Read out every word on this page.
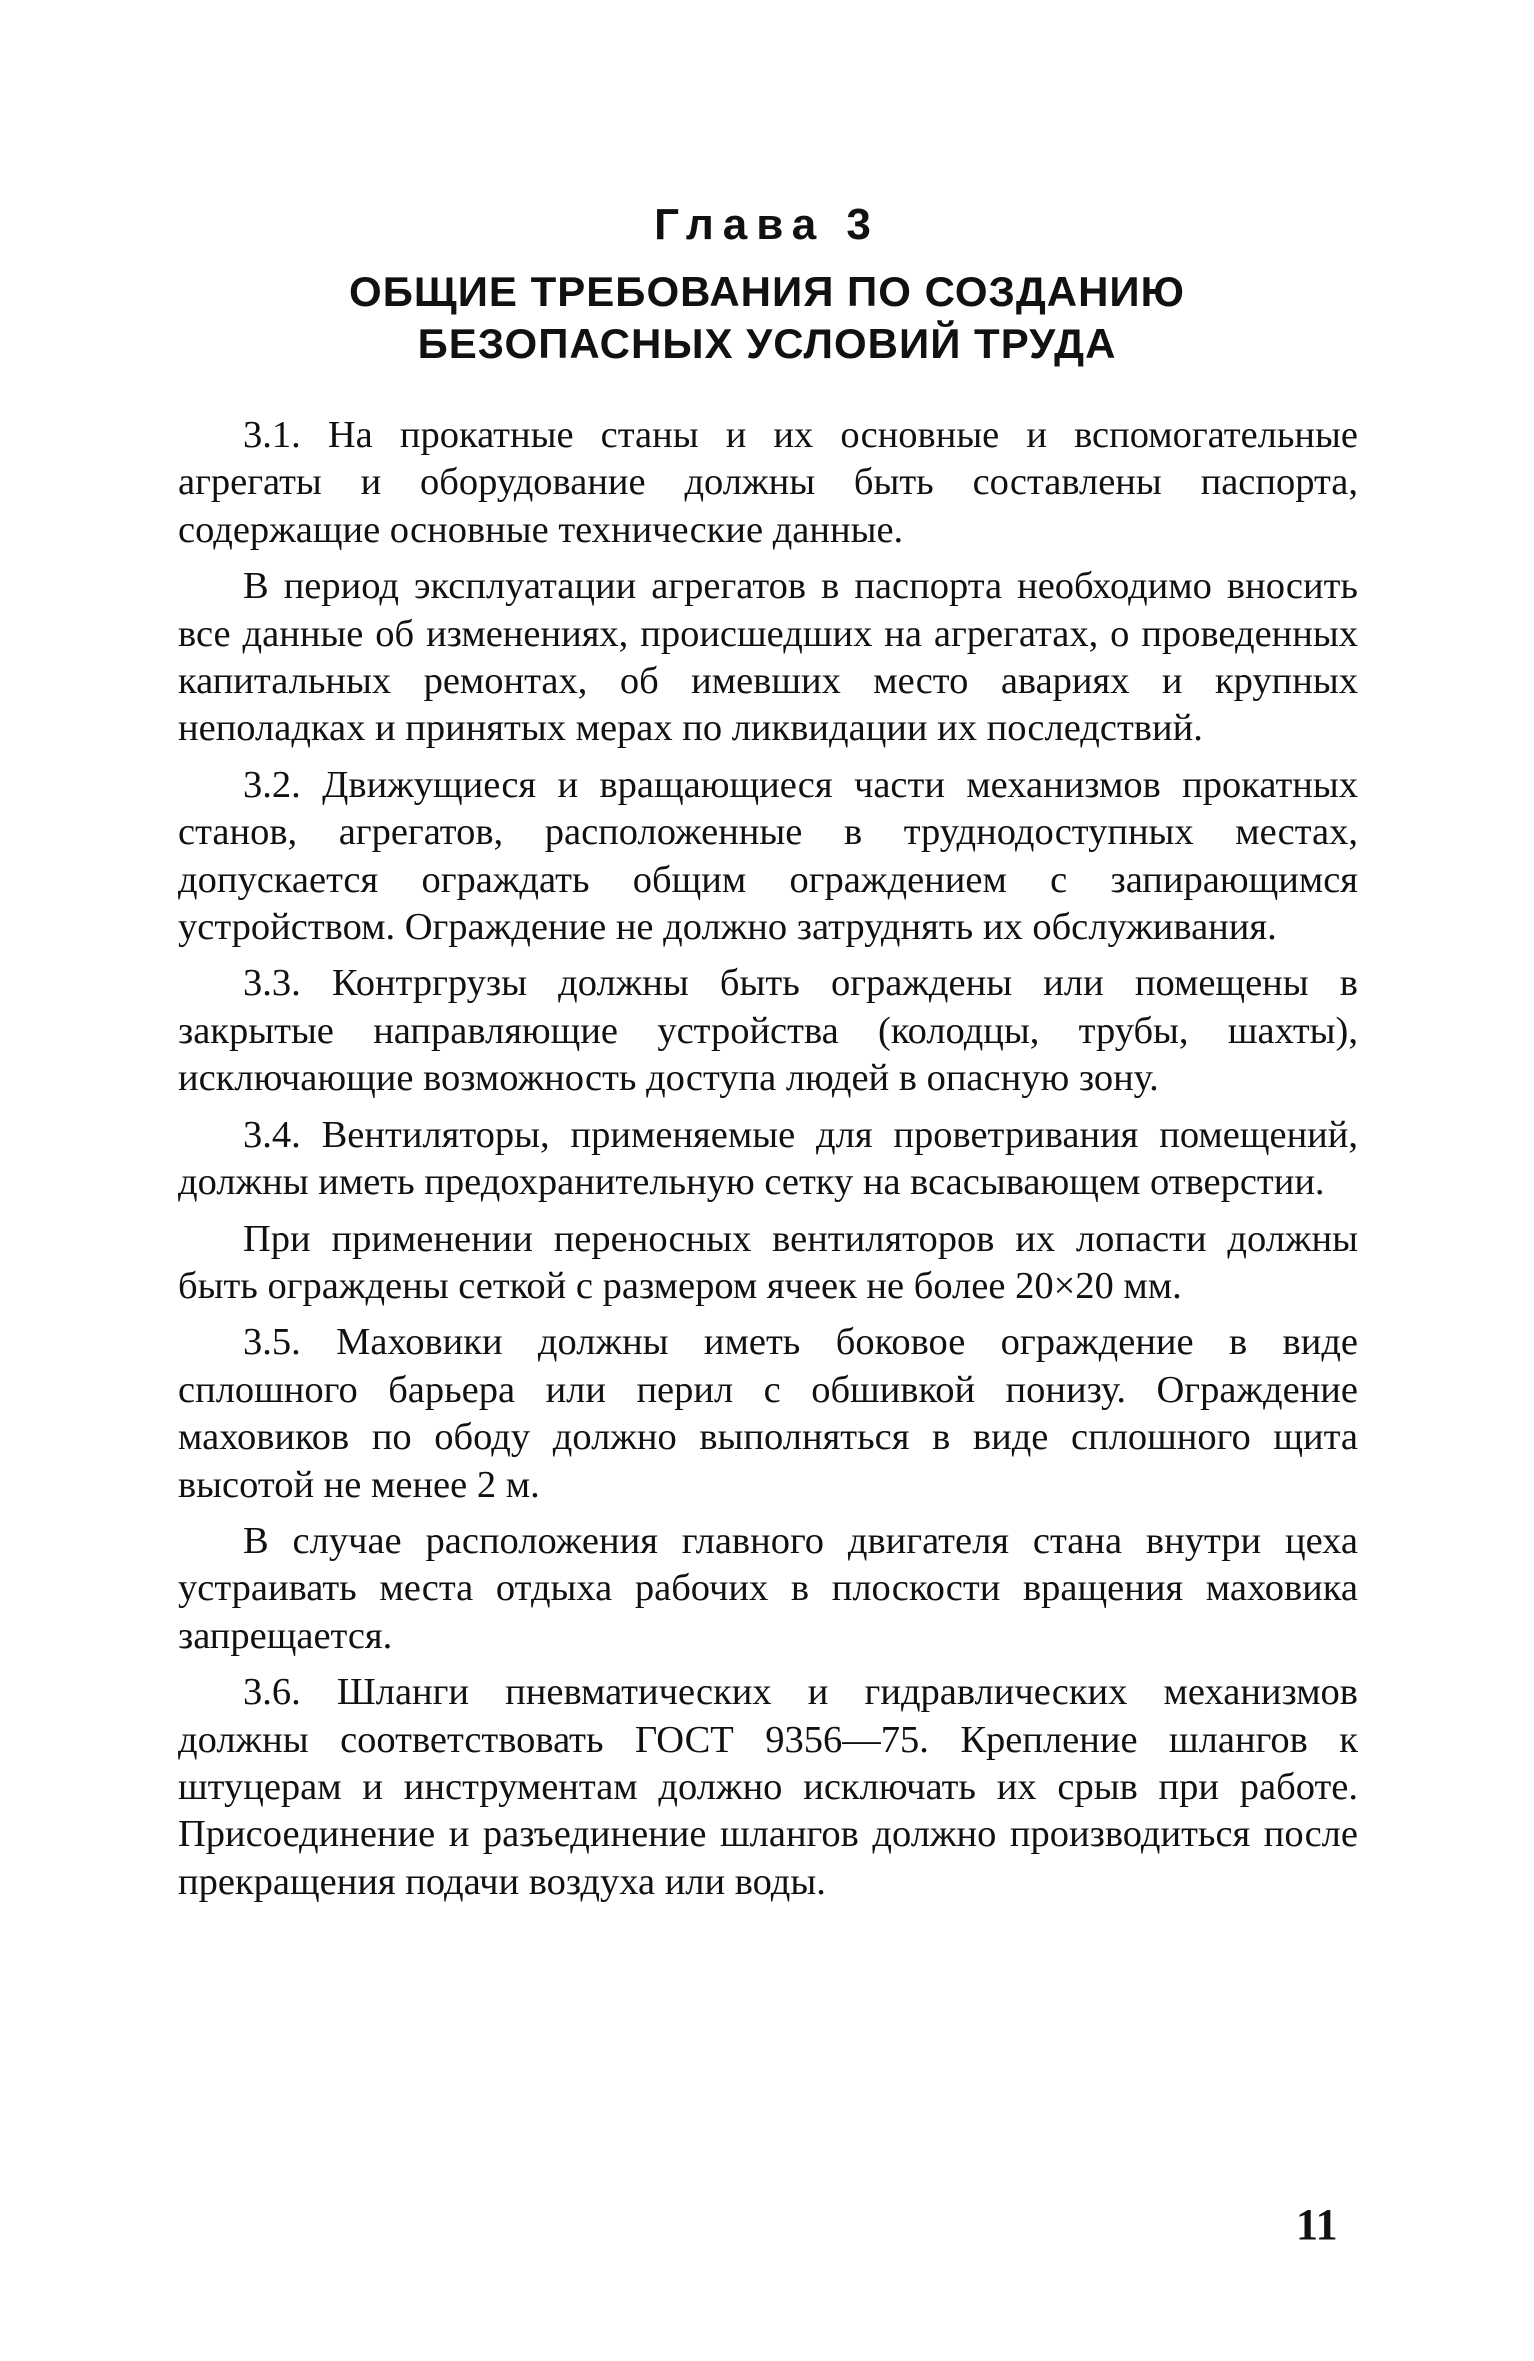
Глава 3
ОБЩИЕ ТРЕБОВАНИЯ ПО СОЗДАНИЮ
БЕЗОПАСНЫХ УСЛОВИЙ ТРУДА

3.1. На прокатные станы и их основные и вспомогательные агрегаты и оборудование должны быть составлены паспорта, содержащие основные технические данные.

В период эксплуатации агрегатов в паспорта необходимо вносить все данные об изменениях, происшедших на агрегатах, о проведенных капитальных ремонтах, об имевших место авариях и крупных неполадках и принятых мерах по ликвидации их последствий.

3.2. Движущиеся и вращающиеся части механизмов прокатных станов, агрегатов, расположенные в труднодоступных местах, допускается ограждать общим ограждением с запирающимся устройством. Ограждение не должно затруднять их обслуживания.

3.3. Контргрузы должны быть ограждены или помещены в закрытые направляющие устройства (колодцы, трубы, шахты), исключающие возможность доступа людей в опасную зону.

3.4. Вентиляторы, применяемые для проветривания помещений, должны иметь предохранительную сетку на всасывающем отверстии.

При применении переносных вентиляторов их лопасти должны быть ограждены сеткой с размером ячеек не более 20×20 мм.

3.5. Маховики должны иметь боковое ограждение в виде сплошного барьера или перил с обшивкой понизу. Ограждение маховиков по ободу должно выполняться в виде сплошного щита высотой не менее 2 м.

В случае расположения главного двигателя стана внутри цеха устраивать места отдыха рабочих в плоскости вращения маховика запрещается.

3.6. Шланги пневматических и гидравлических механизмов должны соответствовать ГОСТ 9356—75. Крепление шлангов к штуцерам и инструментам должно исключать их срыв при работе. Присоединение и разъединение шлангов должно производиться после прекращения подачи воздуха или воды.

11
